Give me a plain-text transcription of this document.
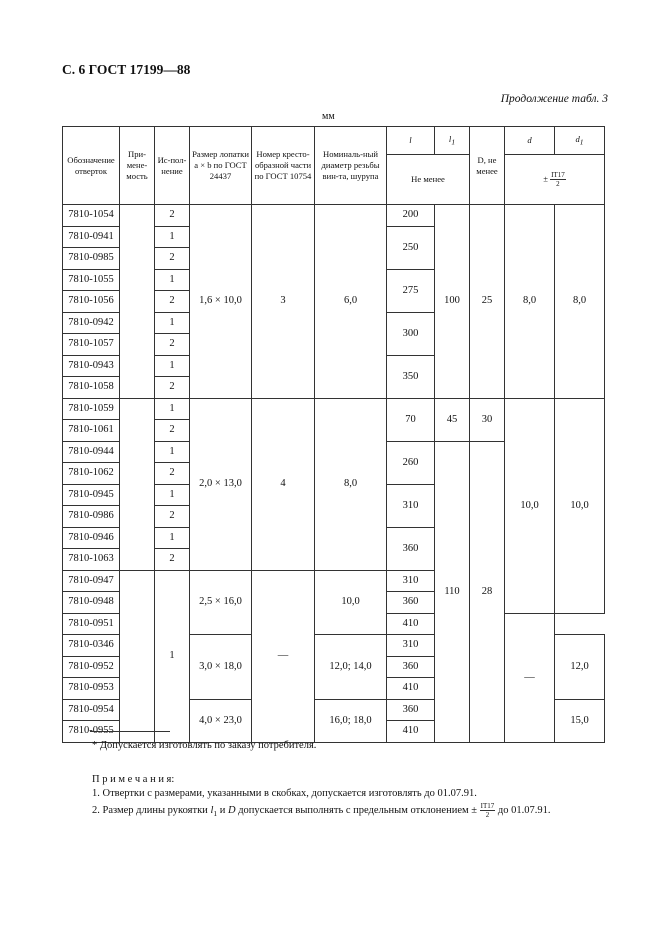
С. 6 ГОСТ 17199—88
Продолжение табл. 3
мм
Обозначение отверток	При-мене-мость	Ис-пол-нение	Размер лопатки a × b по ГОСТ 24437	Номер кресто-образной части по ГОСТ 10754	Номиналь-ный диаметр резьбы вин-та, шурупа	l	l1	D, не менее	d	d1
						Не менее			± $\frac{IT17}{2}$

7810-1054		2	1,6 × 10,0	3	6,0	200	100	25	8,0	8,0
7810-0941		1				250				
7810-0985		2								
7810-1055		1				275				
7810-1056		2								
7810-0942		1				300				
7810-1057		2								
7810-0943		1				350				
7810-1058		2								
7810-1059		1	2,0 × 13,0	4	8,0	70	45	30	10,0	10,0
7810-1061		2								
7810-0944		1				260	110	28		
7810-1062		2								
7810-0945		1				310				
7810-0986		2								
7810-0946		1				360				
7810-1063		2								
7810-0947		1	2,5 × 16,0	—	10,0	310				
7810-0948						360				
7810-0951						410			—	
7810-0346			3,0 × 18,0		12,0; 14,0	310				12,0
7810-0952						360				
7810-0953						410				
7810-0954			4,0 × 23,0		16,0; 18,0	360				15,0
7810-0955						410				
* Допускается изготовлять по заказу потребителя.
П р и м е ч а н и я:
1. Отвертки с размерами, указанными в скобках, допускается изготовлять до 01.07.91.
2. Размер длины рукоятки $l_1$ и D допускается выполнять с предельным отклонением ± $\frac{IT17}{2}$ до 01.07.91.
